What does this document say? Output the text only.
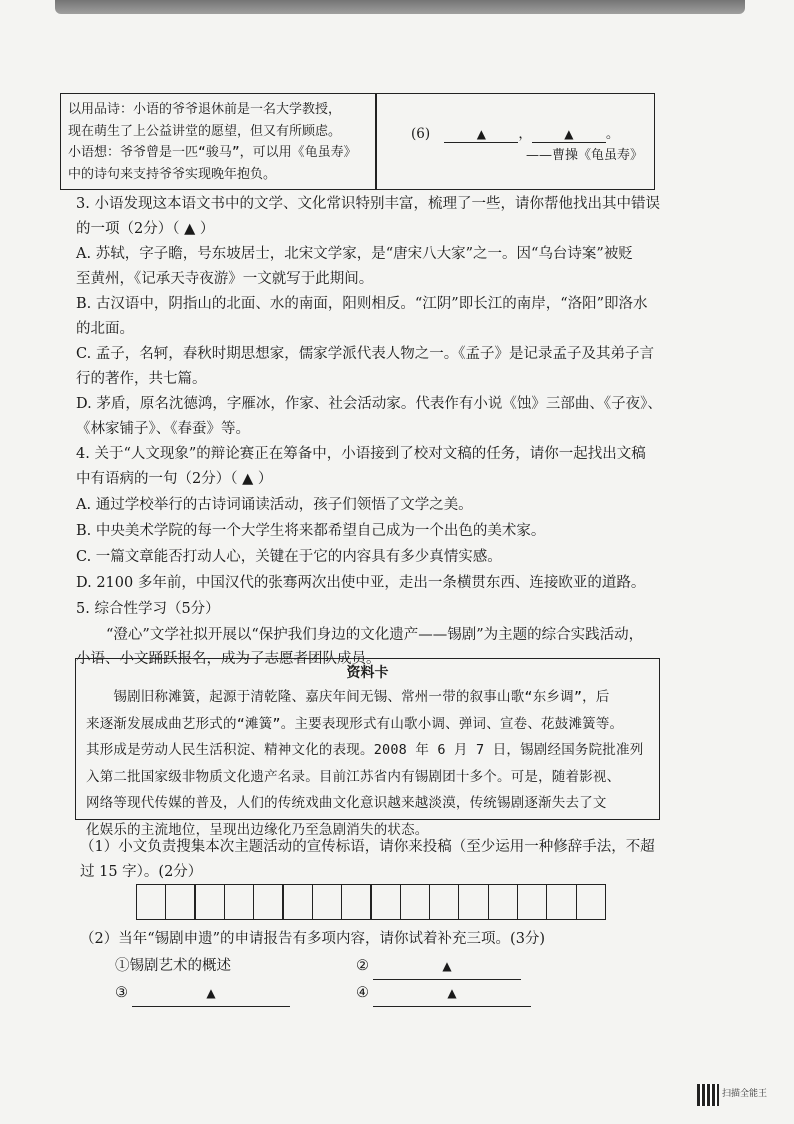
以用品诗：小语的爷爷退休前是一名大学教授，
现在萌生了上公益讲堂的愿望，但又有所顾虑。
小语想：爷爷曾是一匹“骏马”，可以用《龟虽寿》
中的诗句来支持爷爷实现晚年抱负。
(6)	▲ ，	▲ 。
——曹操《龟虽寿》
3. 小语发现这本语文书中的文学、文化常识特别丰富，梳理了一些，请你帮他找出其中错误
的一项（2分）（ ▲ ）
A. 苏轼，字子瞻，号东坡居士，北宋文学家，是“唐宋八大家”之一。因“乌台诗案”被贬
至黄州，《记承天寺夜游》一文就写于此期间。
B. 古汉语中，阴指山的北面、水的南面，阳则相反。“江阴”即长江的南岸，“洛阳”即洛水
的北面。
C. 孟子，名轲，春秋时期思想家，儒家学派代表人物之一。《孟子》是记录孟子及其弟子言
行的著作，共七篇。
D. 茅盾，原名沈德鸿，字雁冰，作家、社会活动家。代表作有小说《蚀》三部曲、《子夜》、
《林家铺子》、《春蚕》等。
4. 关于“人文现象”的辩论赛正在筹备中，小语接到了校对文稿的任务，请你一起找出文稿
中有语病的一句（2分）（ ▲ ）
A. 通过学校举行的古诗词诵读活动，孩子们领悟了文学之美。
B. 中央美术学院的每一个大学生将来都希望自己成为一个出色的美术家。
C. 一篇文章能否打动人心，关键在于它的内容具有多少真情实感。
D. 2100 多年前，中国汉代的张骞两次出使中亚，走出一条横贯东西、连接欧亚的道路。
5. 综合性学习（5分）
“澄心”文学社拟开展以“保护我们身边的文化遗产——锡剧”为主题的综合实践活动，
小语、小文踊跃报名，成为了志愿者团队成员。
资料卡
　　锡剧旧称滩簧，起源于清乾隆、嘉庆年间无锡、常州一带的叙事山歌“东乡调”，后
来逐渐发展成曲艺形式的“滩簧”。主要表现形式有山歌小调、弹词、宣卷、花鼓滩簧等。
其形成是劳动人民生活积淀、精神文化的表现。2008 年 6 月 7 日，锡剧经国务院批准列
入第二批国家级非物质文化遗产名录。目前江苏省内有锡剧团十多个。可是，随着影视、
网络等现代传媒的普及，人们的传统戏曲文化意识越来越淡漠，传统锡剧逐渐失去了文
化娱乐的主流地位，呈现出边缘化乃至急剧消失的状态。
（1）小文负责搜集本次主题活动的宣传标语，请你来投稿（至少运用一种修辞手法，不超
过 15 字）。(2分）
（2）当年“锡剧申遗”的申请报告有多项内容，请你试着补充三项。(3分)
①锡剧艺术的概述	②	▲
③	▲	④	▲
扫描全能王
